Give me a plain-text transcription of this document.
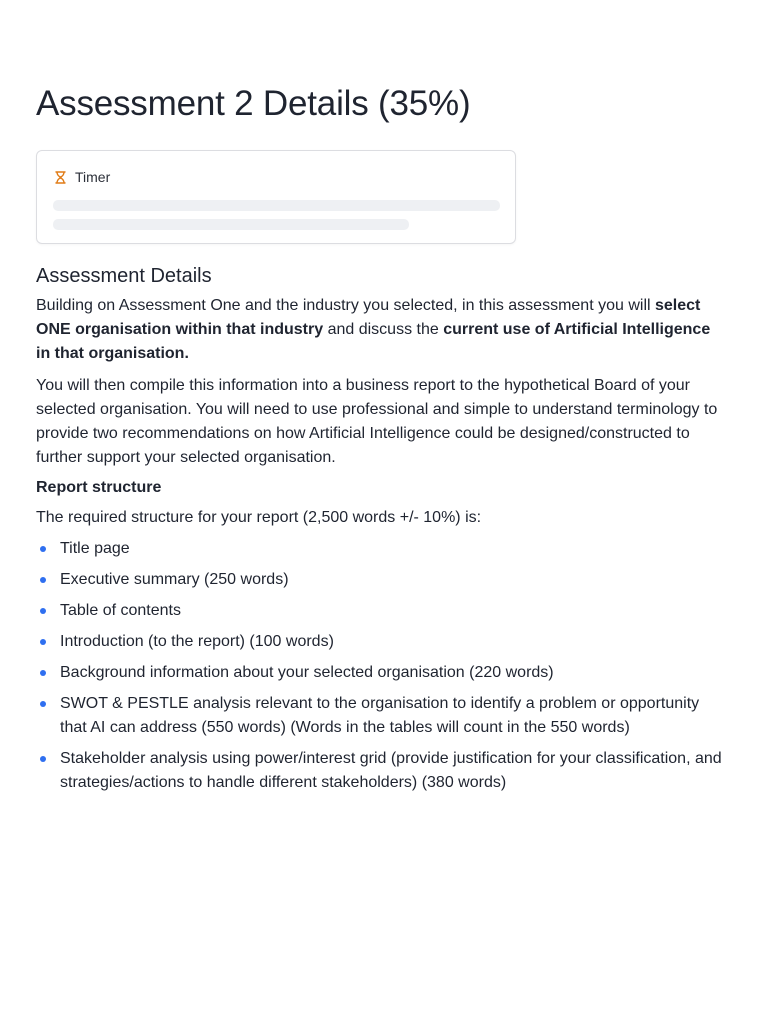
Assessment 2 Details (35%)
Timer
Assessment Details

Building on Assessment One and the industry you selected, in this assessment you will select ONE organisation within that industry and discuss the current use of Artificial Intelligence in that organisation.

You will then compile this information into a business report to the hypothetical Board of your selected organisation. You will need to use professional and simple to understand terminology to provide two recommendations on how Artificial Intelligence could be designed/constructed to further support your selected organisation.

Report structure

The required structure for your report (2,500 words +/- 10%) is:

Title page
Executive summary (250 words)
Table of contents
Introduction (to the report) (100 words)
Background information about your selected organisation (220 words)
SWOT & PESTLE analysis relevant to the organisation to identify a problem or opportunity that AI can address (550 words) (Words in the tables will count in the 550 words)
Stakeholder analysis using power/interest grid (provide justification for your classification, and strategies/actions to handle different stakeholders) (380 words)
